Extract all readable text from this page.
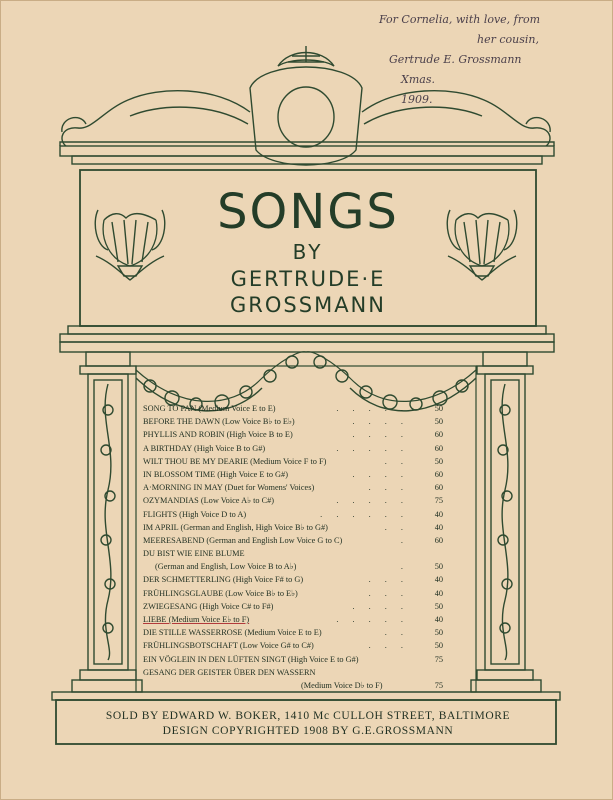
For Cornelia, with love, from
her cousin,
Gertrude E. Grossmann
Xmas.
1909.
SONGS
BY
GERTRUDE·E
GROSSMANN
SONG TO PAN (Medium Voice E to E)	. . . . .	50
BEFORE THE DAWN (Low Voice B♭ to E♭)	. . . .	50
PHYLLIS AND ROBIN (High Voice B to E)	. . . .	60
A BIRTHDAY (High Voice B to G#)	. . . . .	60
WILT THOU BE MY DEARIE (Medium Voice F to F)	. .	50
IN BLOSSOM TIME (High Voice E to G#)	. . . .	60
A·MORNING IN MAY (Duet for Womens' Voices)	. . .	60
OZYMANDIAS (Low Voice A♭ to C#)	. . . . .	75
FLIGHTS (High Voice D to A)	. . . . . .	40
IM APRIL (German and English, High Voice B♭ to G#)	. .	40
MEERESABEND (German and English Low Voice G to C)	.	60
DU BIST WIE EINE BLUME
(German and English, Low Voice B to A♭)	.	50
DER SCHMETTERLING (High Voice F# to G)	. . .	40
FRÜHLINGSGLAUBE (Low Voice B♭ to E♭)	. . .	40
ZWIEGESANG (High Voice C# to F#)	. . . .	50
LIEBE (Medium Voice E♭ to F)	. . . . .	40
DIE STILLE WASSERROSE (Medium Voice E to E)	. .	50
FRÜHLINGSBOTSCHAFT (Low Voice G# to C#)	. . .	50
EIN VÖGLEIN IN DEN LÜFTEN SINGT (High Voice E to G#)	75
GESANG DER GEISTER ÜBER DEN WASSERN
(Medium Voice D♭ to F)	75
SOLD BY EDWARD W. BOKER, 1410 Mc CULLOH STREET, BALTIMORE
DESIGN COPYRIGHTED 1908 BY G.E.GROSSMANN
